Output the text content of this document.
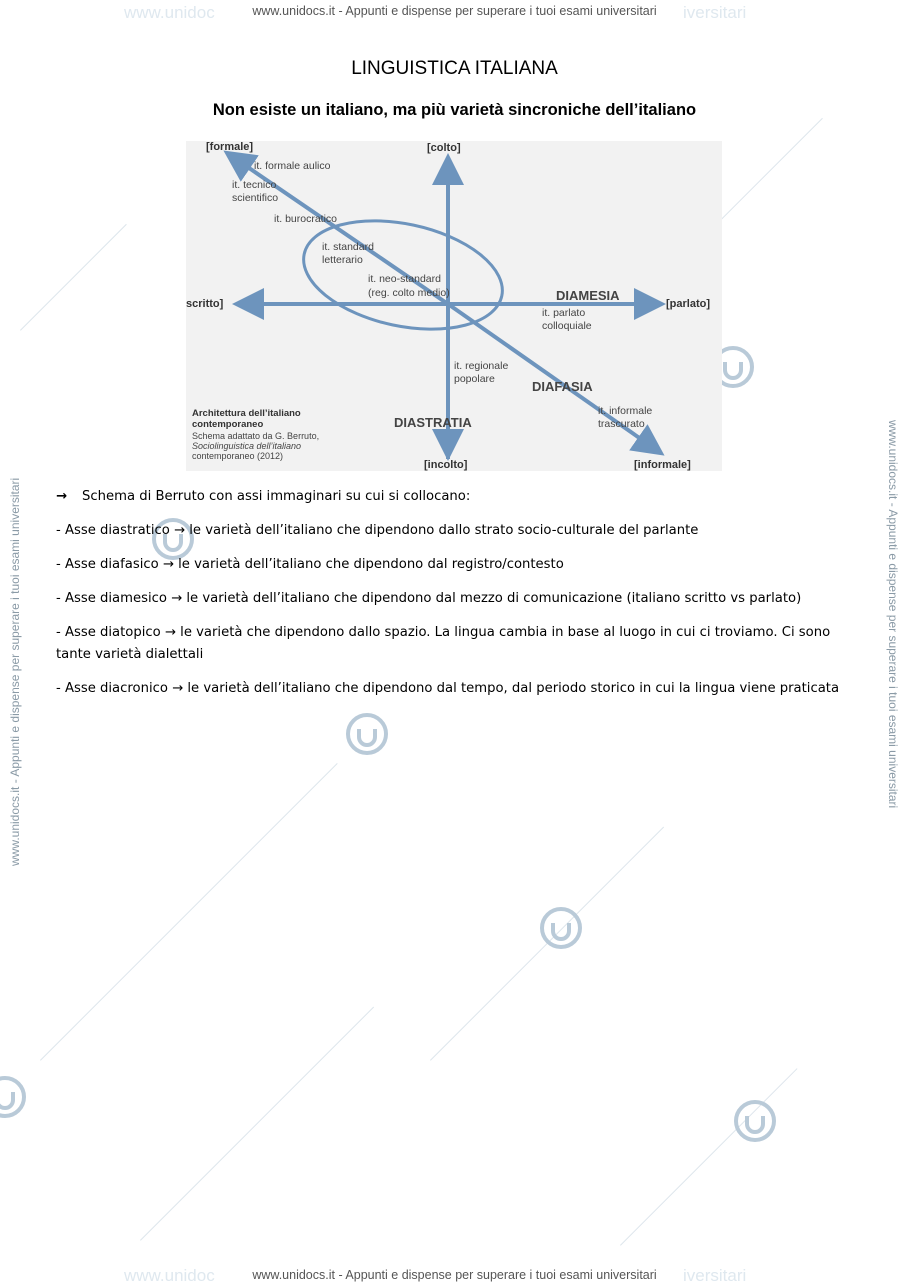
www.unidoc	iversitari
www.unidocs.it - Appunti e dispense per superare i tuoi esami universitari
www.unidocs.it - Appunti e dispense per superare i tuoi esami universitari	www.unidocs.it - Appunti e dispense per superare i tuoi esami universitari
LINGUISTICA ITALIANA
Non esiste un italiano, ma più varietà sincroniche dell’italiano
[formale]	[colto]
scritto]	[parlato]
[incolto]	[informale]
DIAMESIA
DIASTRATIA
DIAFASIA
it. formale aulico
it. tecnico
scientifico
it. burocratico
it. standard
letterario
it. neo-standard
(reg. colto medio)
it. parlato
colloquiale
it. regionale
popolare
it. informale
trascurato
Architettura dell’italiano
contemporaneo
Schema adattato da G. Berruto,
Sociolinguistica dell’italiano
contemporaneo (2012)

→ Schema di Berruto con assi immaginari su cui si collocano:

- Asse diastratico → le varietà dell’italiano che dipendono dallo strato socio-culturale del parlante

- Asse diafasico → le varietà dell’italiano che dipendono dal registro/contesto

- Asse diamesico → le varietà dell’italiano che dipendono dal mezzo di comunicazione (italiano scritto vs parlato)

- Asse diatopico → le varietà che dipendono dallo spazio. La lingua cambia in base al luogo in cui ci troviamo. Ci sono tante varietà dialettali

- Asse diacronico → le varietà dell’italiano che dipendono dal tempo, dal periodo storico in cui la lingua viene praticata

www.unidoc	iversitari
www.unidocs.it - Appunti e dispense per superare i tuoi esami universitari
